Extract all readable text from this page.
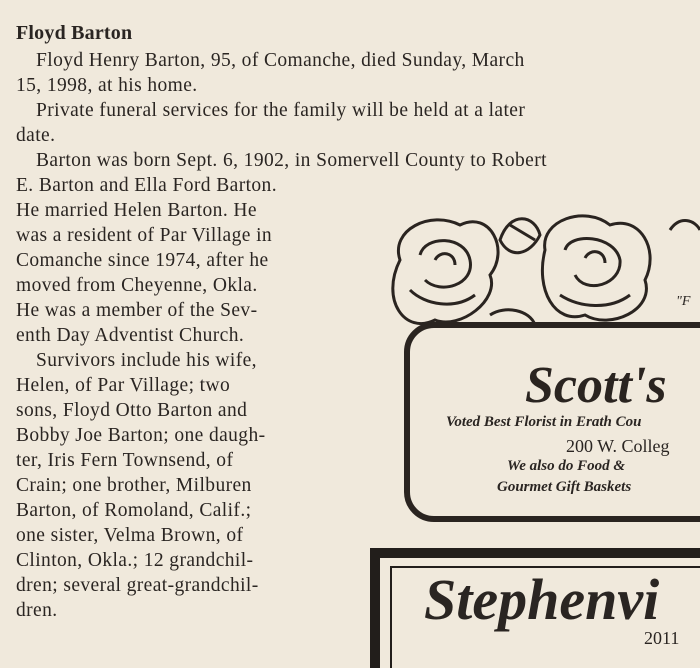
Floyd Barton
Floyd Henry Barton, 95, of Comanche, died Sunday, March
15, 1998, at his home.
Private funeral services for the family will be held at a later
date.
Barton was born Sept. 6, 1902, in Somervell County to Robert
E. Barton and Ella Ford Barton.
He married Helen Barton. He
was a resident of Par Village in
Comanche since 1974, after he
moved from Cheyenne, Okla.
He was a member of the Sev-
enth Day Adventist Church.
Survivors include his wife,
Helen, of Par Village; two
sons, Floyd Otto Barton and
Bobby Joe Barton; one daugh-
ter, Iris Fern Townsend, of
Crain; one brother, Milburen
Barton, of Romoland, Calif.;
one sister, Velma Brown, of
Clinton, Okla.; 12 grandchil-
dren; several great-grandchil-
dren.
"F
Scott's
Voted Best Florist in Erath Cou
200 W. Colleg
We also do Food &
Gourmet Gift Baskets
Stephenvi
2011
